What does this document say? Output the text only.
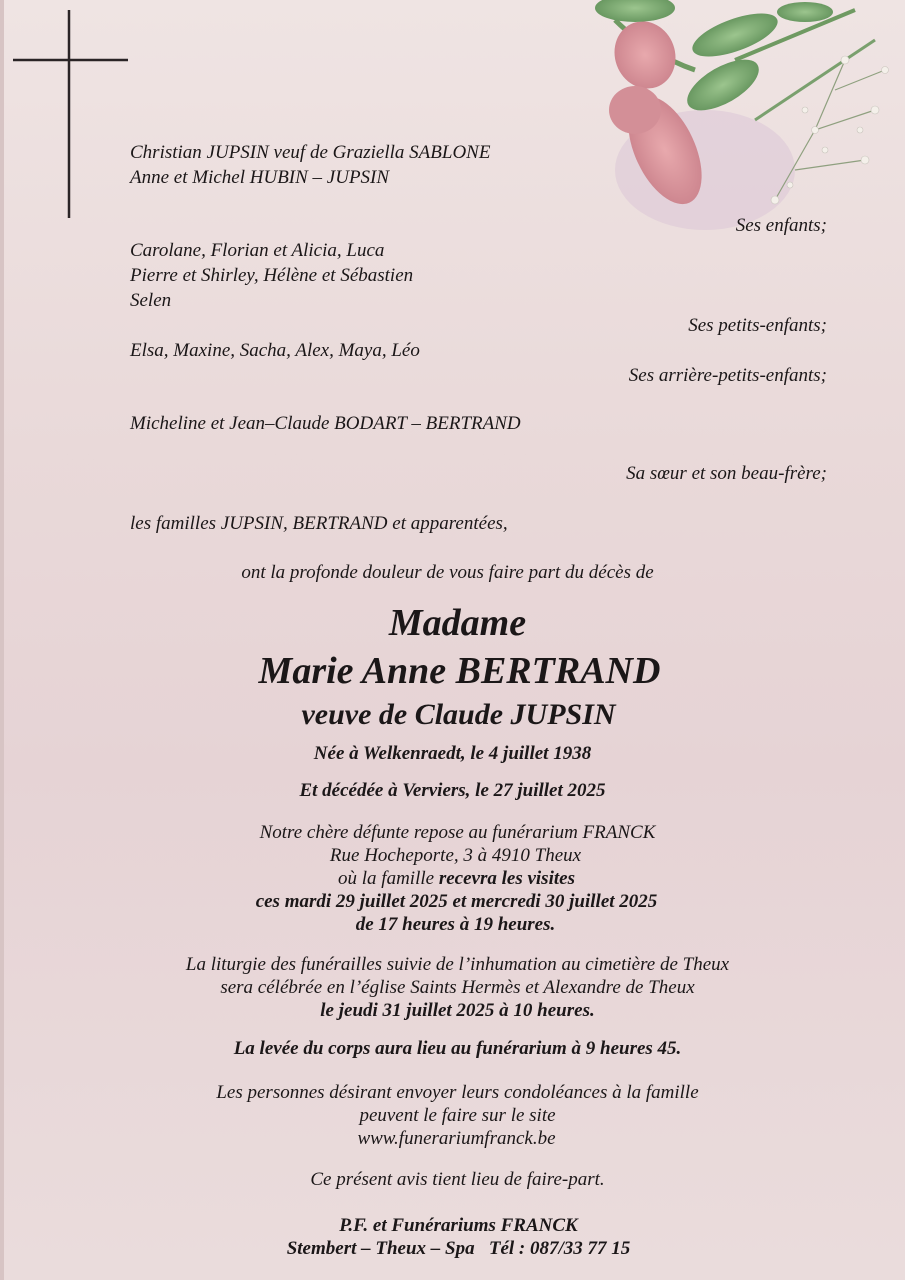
Christian JUPSIN veuf de Graziella SABLONE
Anne et Michel HUBIN – JUPSIN
Ses enfants;
Carolane, Florian et Alicia, Luca
Pierre et Shirley, Hélène et Sébastien
Selen
Ses petits-enfants;
Elsa, Maxine, Sacha, Alex, Maya, Léo
Ses arrière-petits-enfants;
Micheline et Jean–Claude BODART – BERTRAND
Sa sœur et son beau-frère;
les familles JUPSIN, BERTRAND et apparentées,
ont la profonde douleur de vous faire part du décès de
Madame
Marie Anne BERTRAND
veuve de Claude JUPSIN
Née à Welkenraedt, le 4 juillet 1938
Et décédée à Verviers, le 27 juillet 2025
Notre chère défunte repose au funérarium FRANCK
Rue Hocheporte, 3 à 4910 Theux
où la famille recevra les visites
ces mardi 29 juillet 2025 et mercredi 30 juillet 2025
de 17 heures à 19 heures.
La liturgie des funérailles suivie de l’inhumation au cimetière de Theux
sera célébrée en l’église Saints Hermès et Alexandre de Theux
le jeudi 31 juillet 2025 à 10 heures.
La levée du corps aura lieu au funérarium à 9 heures 45.
Les personnes désirant envoyer leurs condoléances à la famille
peuvent le faire sur le site
www.funerariumfranck.be
Ce présent avis tient lieu de faire-part.
P.F. et Funérariums FRANCK
Stembert – Theux – Spa   Tél : 087/33 77 15
